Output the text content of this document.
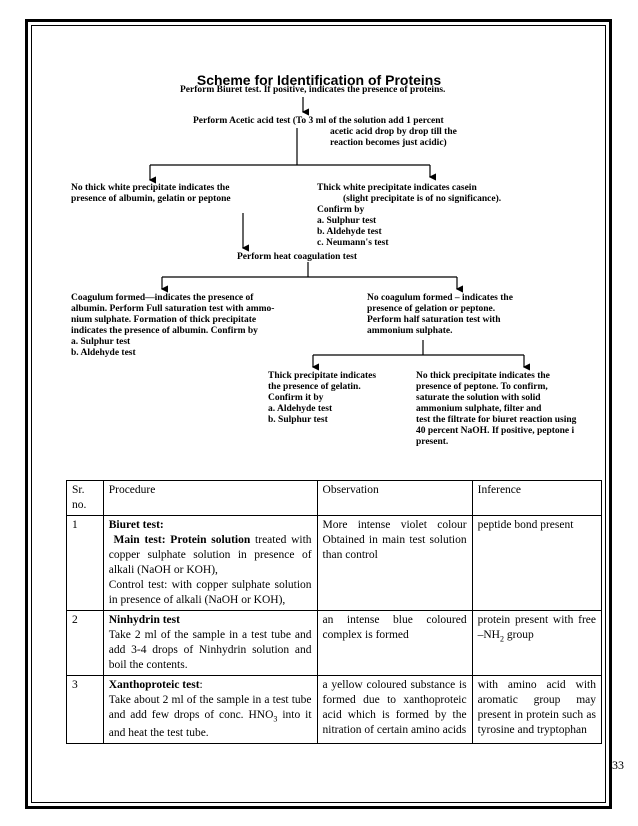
Scheme for Identification of Proteins
Perform Biuret test. If positive, indicates the presence of proteins.
Perform Acetic acid test (To 3 ml of the solution add 1 percent
acetic acid drop by drop till the
reaction becomes just acidic)
No thick white precipitate indicates the
presence of albumin, gelatin or peptone
Thick white precipitate indicates casein
(slight precipitate is of no significance).
Confirm by
a. Sulphur test
b. Aldehyde test
c. Neumann's test
Perform heat coagulation test
Coagulum formed—indicates the presence of
albumin. Perform Full saturation test with ammo-
nium sulphate. Formation of thick precipitate
indicates the presence of albumin. Confirm by
a. Sulphur test
b. Aldehyde test
No coagulum formed – indicates the
presence of gelation or peptone.
Perform half saturation test with
ammonium sulphate.
Thick precipitate indicates
the presence of gelatin.
Confirm it by
a. Aldehyde test
b. Sulphur test
No thick precipitate indicates the
presence of peptone. To confirm,
saturate the solution with solid
ammonium sulphate, filter and
test the filtrate for biuret reaction using
40 percent NaOH. If positive, peptone i
present.
Sr.
no.	Procedure	Observation	Inference
1	Biuret test:
Main test: Protein solution treated with copper sulphate solution in presence of alkali (NaOH or KOH),
Control test: with copper sulphate solution in presence of alkali (NaOH or KOH),	More intense violet colour Obtained in main test solution than control	peptide bond present
2	Ninhydrin test
Take 2 ml of the sample in a test tube and add 3-4 drops of Ninhydrin solution and boil the contents.	an intense blue coloured complex is formed	protein present with free $-NH_2$ group
3	Xanthoproteic test:
Take about 2 ml of the sample in a test tube and add few drops of conc. $HNO_3$ into it and heat the test tube.	a yellow coloured substance is formed due to xanthoproteic acid which is formed by the nitration of certain amino acids	with amino acid with aromatic group may present in protein such as tyrosine and tryptophan
33
